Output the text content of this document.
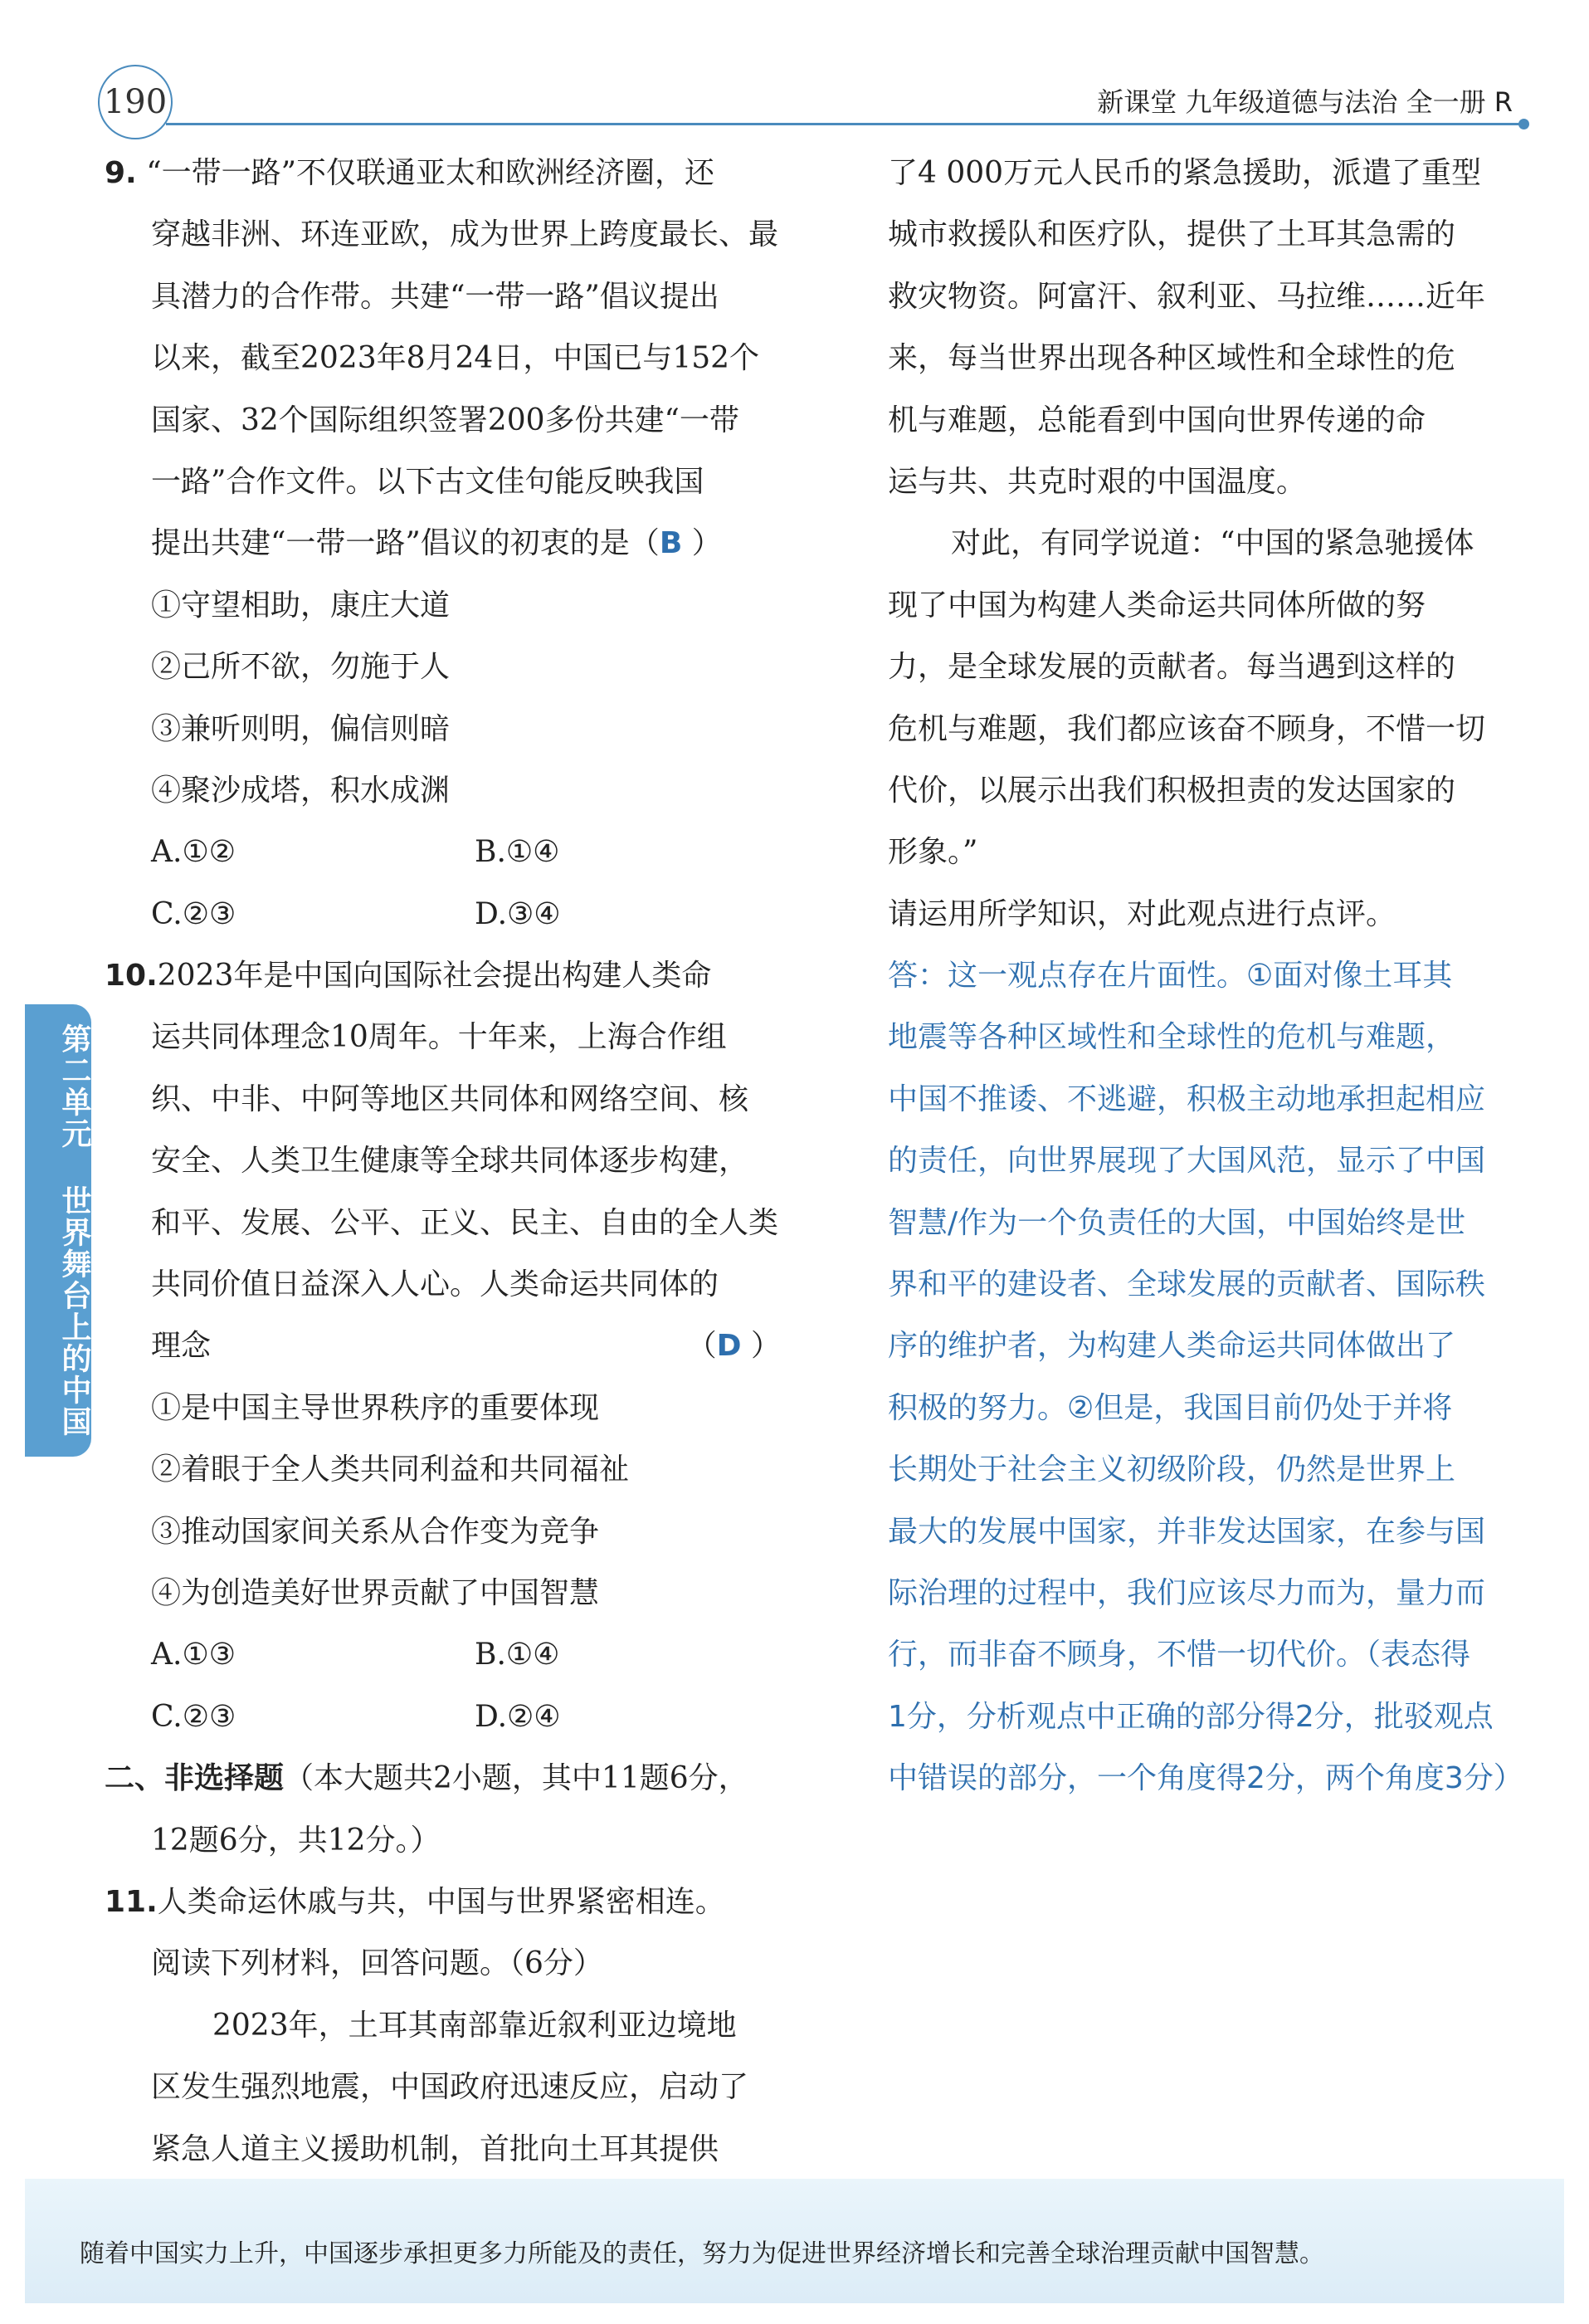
190	新课堂 九年级道德与法治 全一册 R
第二单元 世界舞台上的中国
9. “一带一路”不仅联通亚太和欧洲经济圈，还
穿越非洲、环连亚欧，成为世界上跨度最长、最
具潜力的合作带。共建“一带一路”倡议提出
以来，截至2023年8月24日，中国已与152个
国家、32个国际组织签署200多份共建“一带
一路”合作文件。以下古文佳句能反映我国
提出共建“一带一路”倡议的初衷的是（B ）
①守望相助，康庄大道
②己所不欲，勿施于人
③兼听则明，偏信则暗
④聚沙成塔，积水成渊
A.①②	B.①④
C.②③	D.③④
10.2023年是中国向国际社会提出构建人类命
运共同体理念10周年。十年来，上海合作组
织、中非、中阿等地区共同体和网络空间、核
安全、人类卫生健康等全球共同体逐步构建，
和平、发展、公平、正义、民主、自由的全人类
共同价值日益深入人心。人类命运共同体的
理念	（D ）
①是中国主导世界秩序的重要体现
②着眼于全人类共同利益和共同福祉
③推动国家间关系从合作变为竞争
④为创造美好世界贡献了中国智慧
A.①③	B.①④
C.②③	D.②④
二、非选择题（本大题共2小题，其中11题6分，
12题6分，共12分。）
11.人类命运休戚与共，中国与世界紧密相连。
阅读下列材料，回答问题。（6分）
2023年，土耳其南部靠近叙利亚边境地
区发生强烈地震，中国政府迅速反应，启动了
紧急人道主义援助机制，首批向土耳其提供
了4 000万元人民币的紧急援助，派遣了重型
城市救援队和医疗队，提供了土耳其急需的
救灾物资。阿富汗、叙利亚、马拉维……近年
来，每当世界出现各种区域性和全球性的危
机与难题，总能看到中国向世界传递的命
运与共、共克时艰的中国温度。
对此，有同学说道：“中国的紧急驰援体
现了中国为构建人类命运共同体所做的努
力，是全球发展的贡献者。每当遇到这样的
危机与难题，我们都应该奋不顾身，不惜一切
代价，以展示出我们积极担责的发达国家的
形象。”
请运用所学知识，对此观点进行点评。
答：这一观点存在片面性。①面对像土耳其
地震等各种区域性和全球性的危机与难题，
中国不推诿、不逃避，积极主动地承担起相应
的责任，向世界展现了大国风范，显示了中国
智慧/作为一个负责任的大国，中国始终是世
界和平的建设者、全球发展的贡献者、国际秩
序的维护者，为构建人类命运共同体做出了
积极的努力。②但是，我国目前仍处于并将
长期处于社会主义初级阶段，仍然是世界上
最大的发展中国家，并非发达国家，在参与国
际治理的过程中，我们应该尽力而为，量力而
行，而非奋不顾身，不惜一切代价。（表态得
1分，分析观点中正确的部分得2分，批驳观点
中错误的部分，一个角度得2分，两个角度3分）
随着中国实力上升，中国逐步承担更多力所能及的责任，努力为促进世界经济增长和完善全球治理贡献中国智慧。
